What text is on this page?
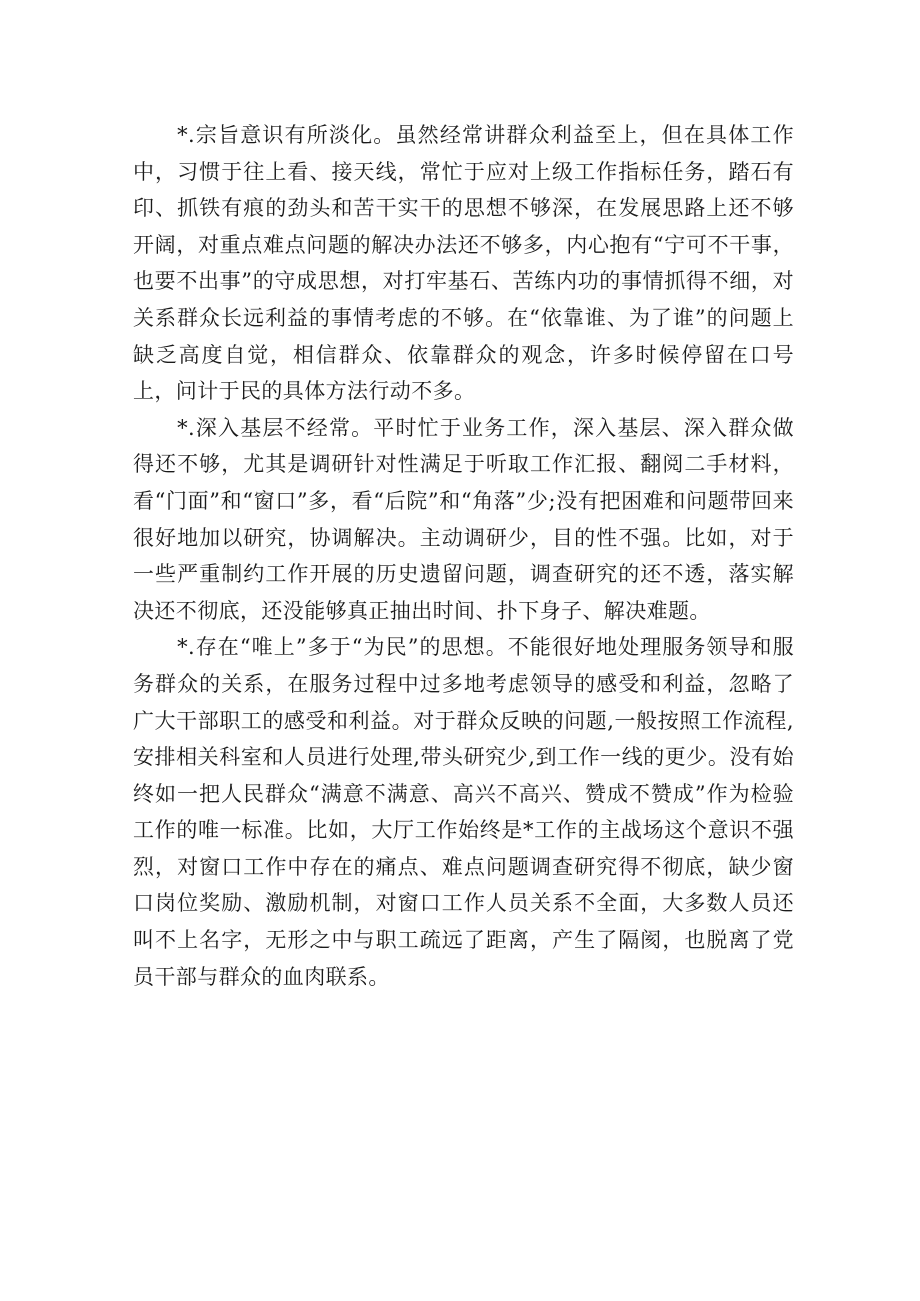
*.宗旨意识有所淡化。虽然经常讲群众利益至上，但在具体工作中，习惯于往上看、接天线，常忙于应对上级工作指标任务，踏石有印、抓铁有痕的劲头和苦干实干的思想不够深，在发展思路上还不够开阔，对重点难点问题的解决办法还不够多，内心抱有“宁可不干事，也要不出事”的守成思想，对打牢基石、苦练内功的事情抓得不细，对关系群众长远利益的事情考虑的不够。在“依靠谁、为了谁”的问题上缺乏高度自觉，相信群众、依靠群众的观念，许多时候停留在口号上，问计于民的具体方法行动不多。

*.深入基层不经常。平时忙于业务工作，深入基层、深入群众做得还不够，尤其是调研针对性满足于听取工作汇报、翻阅二手材料，看“门面”和“窗口”多，看“后院”和“角落”少;没有把困难和问题带回来很好地加以研究，协调解决。主动调研少，目的性不强。比如，对于一些严重制约工作开展的历史遗留问题，调查研究的还不透，落实解决还不彻底，还没能够真正抽出时间、扑下身子、解决难题。

*.存在“唯上”多于“为民”的思想。不能很好地处理服务领导和服务群众的关系，在服务过程中过多地考虑领导的感受和利益，忽略了广大干部职工的感受和利益。对于群众反映的问题,一般按照工作流程,安排相关科室和人员进行处理,带头研究少,到工作一线的更少。没有始终如一把人民群众“满意不满意、高兴不高兴、赞成不赞成”作为检验工作的唯一标准。比如，大厅工作始终是*工作的主战场这个意识不强烈，对窗口工作中存在的痛点、难点问题调查研究得不彻底，缺少窗口岗位奖励、激励机制，对窗口工作人员关系不全面，大多数人员还叫不上名字，无形之中与职工疏远了距离，产生了隔阂，也脱离了党员干部与群众的血肉联系。
